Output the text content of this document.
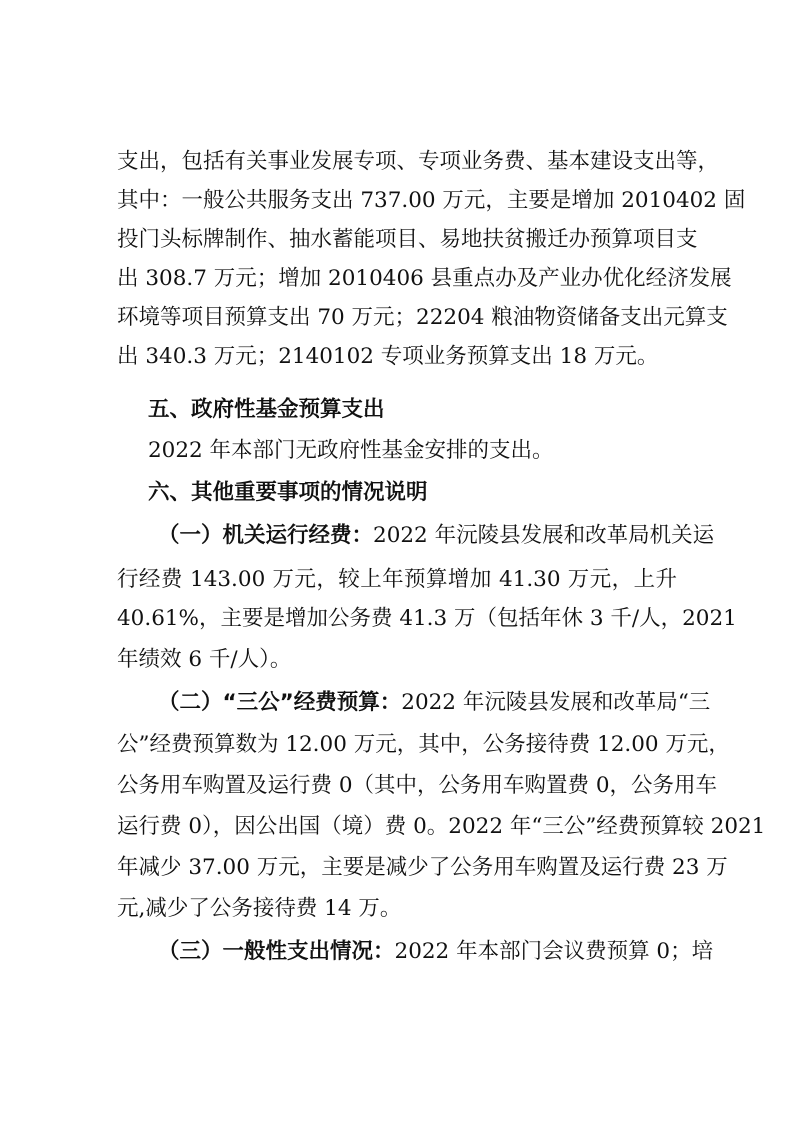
支出，包括有关事业发展专项、专项业务费、基本建设支出等，
其中：一般公共服务支出 737.00 万元，主要是增加 2010402 固
投门头标牌制作、抽水蓄能项目、易地扶贫搬迁办预算项目支
出 308.7 万元；增加 2010406 县重点办及产业办优化经济发展
环境等项目预算支出 70 万元；22204 粮油物资储备支出元算支
出 340.3 万元；2140102 专项业务预算支出 18 万元。
五、政府性基金预算支出
2022 年本部门无政府性基金安排的支出。
六、其他重要事项的情况说明
（一）机关运行经费：2022 年沅陵县发展和改革局机关运
行经费 143.00 万元，较上年预算增加 41.30 万元，上升
40.61%，主要是增加公务费 41.3 万（包括年休 3 千/人，2021
年绩效 6 千/人）。
（二）“三公”经费预算：2022 年沅陵县发展和改革局“三
公”经费预算数为 12.00 万元，其中，公务接待费 12.00 万元，
公务用车购置及运行费 0（其中，公务用车购置费 0，公务用车
运行费 0），因公出国（境）费 0。2022 年“三公”经费预算较 2021
年减少 37.00 万元，主要是减少了公务用车购置及运行费 23 万
元,减少了公务接待费 14 万。
（三）一般性支出情况：2022 年本部门会议费预算 0；培
